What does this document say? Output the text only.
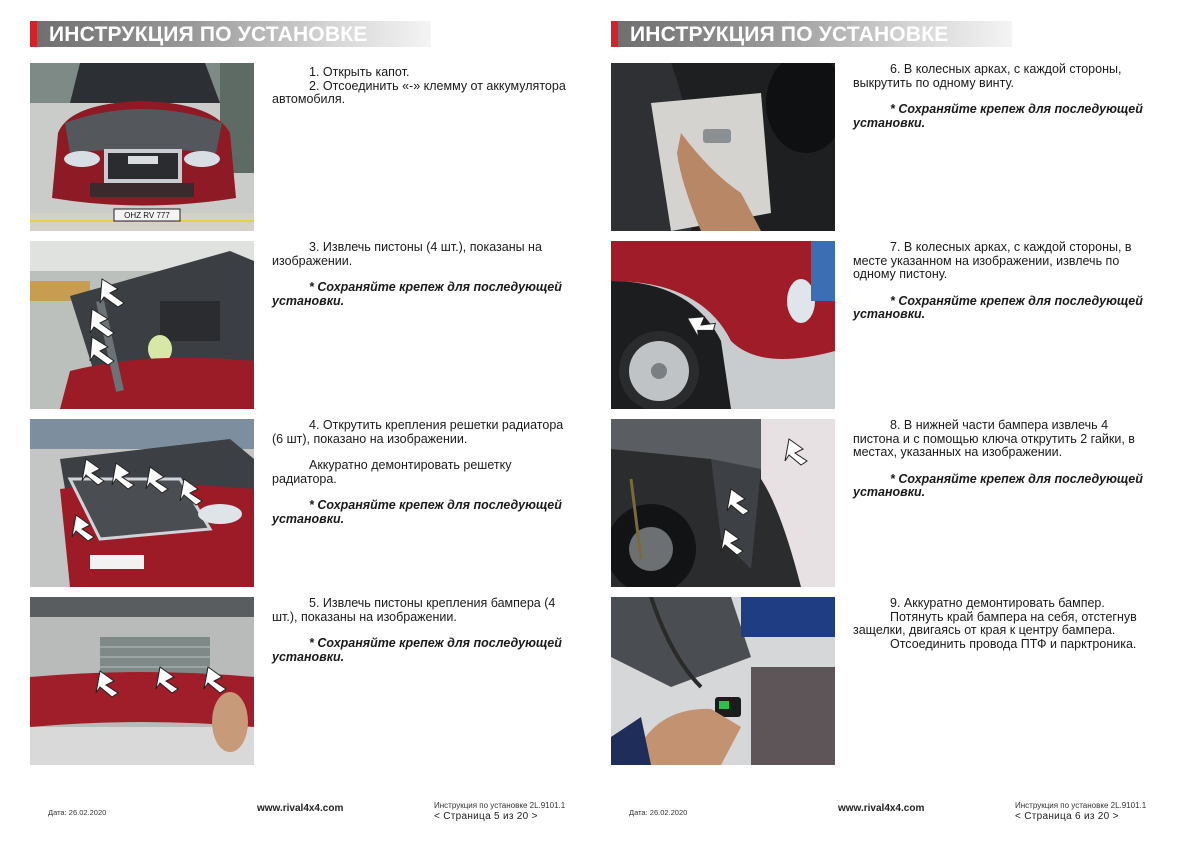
ИНСТРУКЦИЯ ПО УСТАНОВКЕ
OHZ RV 777

1. Открыть капот.

2. Отсоединить «-» клемму от аккумулятора автомобиля.

3. Извлечь пистоны (4 шт.), показаны на изображении.

* Сохраняйте крепеж для последующей установки.

4. Открутить крепления решетки радиатора (6 шт), показано на изображении.

Аккуратно демонтировать решетку радиатора.

* Сохраняйте крепеж для последующей установки.

5. Извлечь пистоны крепления бампера (4 шт.), показаны на изображении.

* Сохраняйте крепеж для последующей установки.

Дата: 26.02.2020	www.rival4x4.com	Инструкция по установке 2L.9101.1
< Страница 5 из 20 >
ИНСТРУКЦИЯ ПО УСТАНОВКЕ

6. В колесных арках, с каждой стороны, выкрутить по одному винту.

* Сохраняйте крепеж для последующей установки.

7. В колесных арках, с каждой стороны, в месте указанном на изображении, извлечь по одному пистону.

* Сохраняйте крепеж для последующей установки.

8. В нижней части бампера извлечь 4 пистона и с помощью ключа открутить 2 гайки, в местах, указанных на изображении.

* Сохраняйте крепеж для последующей установки.

9. Аккуратно демонтировать бампер.

Потянуть край бампера на себя, отстегнув защелки, двигаясь от края к центру бампера.

Отсоединить провода ПТФ и парктроника.

Дата: 26.02.2020	www.rival4x4.com	Инструкция по установке 2L.9101.1
< Страница 6 из 20 >
